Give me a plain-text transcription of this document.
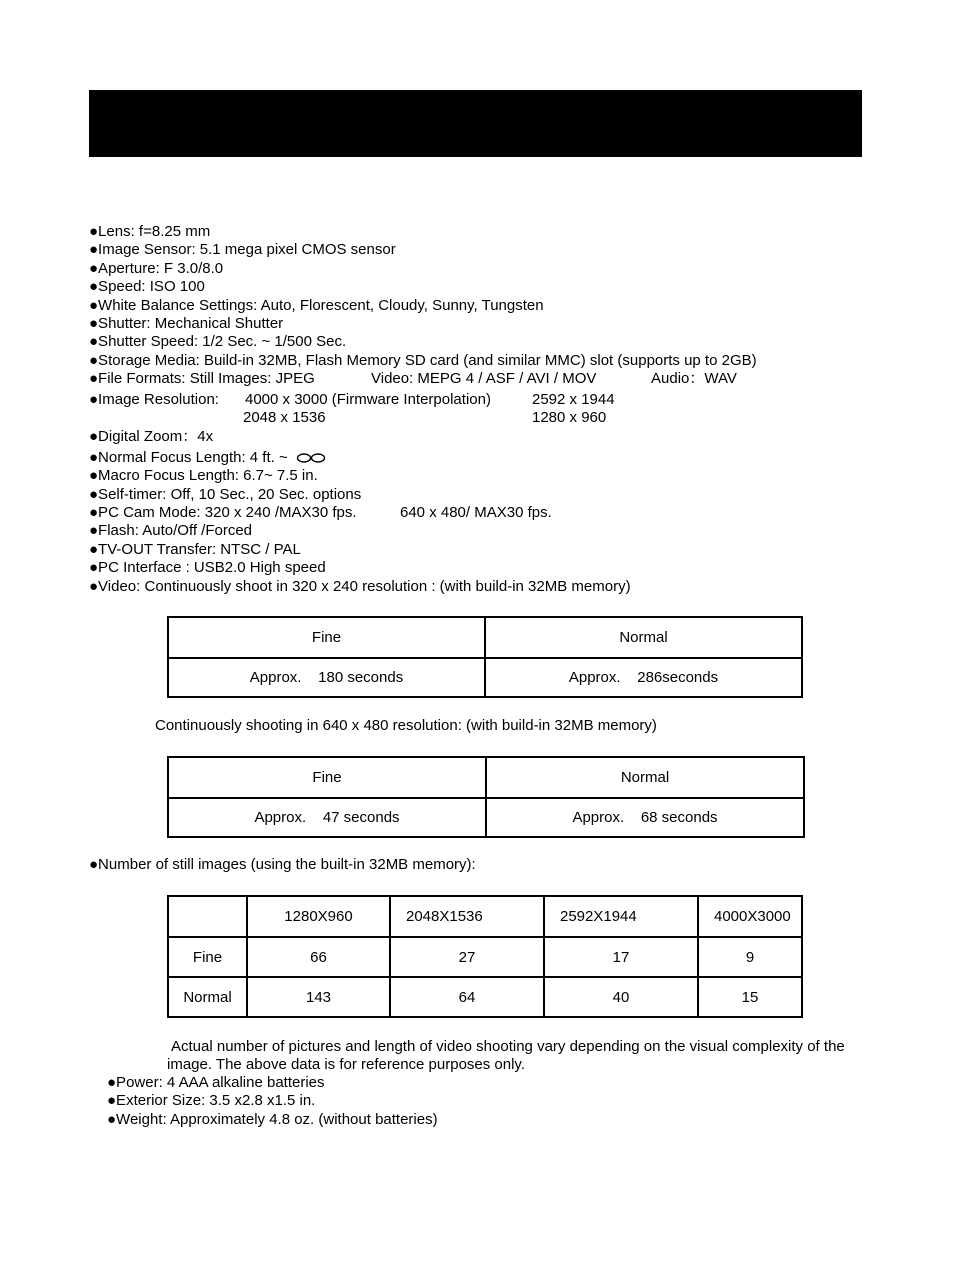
●Lens: f=8.25 mm
●Image Sensor: 5.1 mega pixel CMOS sensor
●Aperture: F 3.0/8.0
●Speed: ISO 100
●White Balance Settings: Auto, Florescent, Cloudy, Sunny, Tungsten
●Shutter: Mechanical Shutter
●Shutter Speed: 1/2 Sec. ~ 1/500 Sec.
●Storage Media: Build-in 32MB, Flash Memory SD card (and similar MMC) slot (supports up to 2GB)
●File Formats: Still Images: JPEG	Video: MEPG 4 / ASF / AVI / MOV	Audio：WAV
●Image Resolution: 4000 x 3000 (Firmware Interpolation)	2592 x 1944
2048 x 1536	1280 x 960
●Digital Zoom：4x
●Normal Focus Length: 4 ft. ~
●Macro Focus Length: 6.7~ 7.5 in.
●Self-timer: Off, 10 Sec., 20 Sec. options
●PC Cam Mode: 320 x 240 /MAX30 fps.	640 x 480/ MAX30 fps.
●Flash: Auto/Off /Forced
●TV-OUT Transfer: NTSC / PAL
●PC Interface : USB2.0 High speed
●Video: Continuously shoot in 320 x 240 resolution : (with build-in 32MB memory)
Fine	Normal
Approx.    180 seconds	Approx.    286seconds
Continuously shooting in 640 x 480 resolution: (with build-in 32MB memory)
Fine	Normal
Approx.    47 seconds	Approx.    68 seconds
●Number of still images (using the built-in 32MB memory):
	1280X960	2048X1536	2592X1944	4000X3000
Fine	66	27	17	9
Normal	143	64	40	15
Actual number of pictures and length of video shooting vary depending on the visual complexity of the image. The above data is for reference purposes only.
●Power: 4 AAA alkaline batteries
●Exterior Size: 3.5 x2.8 x1.5 in.
●Weight: Approximately 4.8 oz. (without batteries)
